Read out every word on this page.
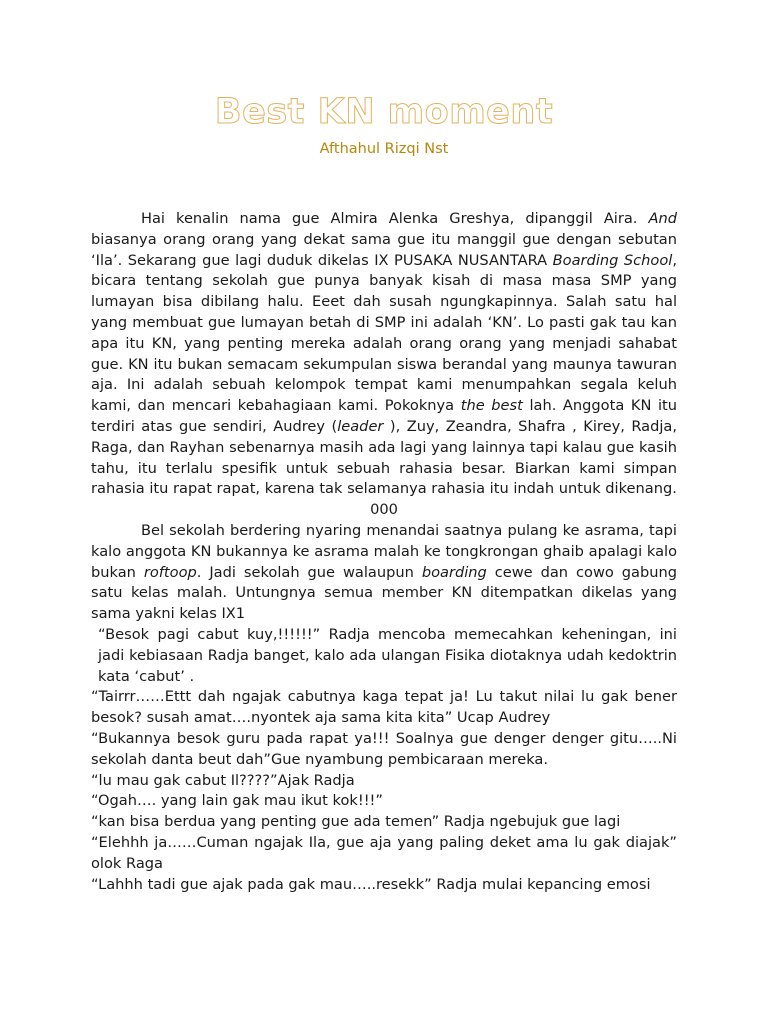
Best KN moment
Afthahul Rizqi Nst

Hai kenalin nama gue Almira Alenka Greshya, dipanggil Aira. And biasanya orang orang yang dekat sama gue itu manggil gue dengan sebutan ‘Ila’. Sekarang gue lagi duduk dikelas IX PUSAKA NUSANTARA Boarding School, bicara tentang sekolah gue punya banyak kisah di masa masa SMP yang lumayan bisa dibilang halu. Eeet dah susah ngungkapinnya. Salah satu hal yang membuat gue lumayan betah di SMP ini adalah ‘KN’. Lo pasti gak tau kan apa itu KN, yang penting mereka adalah orang orang yang menjadi sahabat gue. KN itu bukan semacam sekumpulan siswa berandal yang maunya tawuran aja. Ini adalah sebuah kelompok tempat kami menumpahkan segala keluh kami, dan mencari kebahagiaan kami. Pokoknya the best lah. Anggota KN itu terdiri atas gue sendiri, Audrey (leader ), Zuy, Zeandra, Shafra , Kirey, Radja, Raga, dan Rayhan sebenarnya masih ada lagi yang lainnya tapi kalau gue kasih tahu, itu terlalu spesifik untuk sebuah rahasia besar. Biarkan kami simpan rahasia itu rapat rapat, karena tak selamanya rahasia itu indah untuk dikenang.

000

Bel sekolah berdering nyaring menandai saatnya pulang ke asrama, tapi kalo anggota KN bukannya ke asrama malah ke tongkrongan ghaib apalagi kalo bukan roftoop. Jadi sekolah gue walaupun boarding cewe dan cowo gabung satu kelas malah. Untungnya semua member KN ditempatkan dikelas yang sama yakni kelas IX1

“Besok pagi cabut kuy,!!!!!!” Radja mencoba memecahkan keheningan, ini jadi kebiasaan Radja banget, kalo ada ulangan Fisika diotaknya udah kedoktrin kata ‘cabut’ .

“Tairrr……Ettt dah ngajak cabutnya kaga tepat ja! Lu takut nilai lu gak bener besok? susah amat….nyontek aja sama kita kita” Ucap Audrey

“Bukannya besok guru pada rapat ya!!! Soalnya gue denger denger gitu…..Ni sekolah danta beut dah”Gue nyambung pembicaraan mereka.

“lu mau gak cabut Il????”Ajak Radja

“Ogah…. yang lain gak mau ikut kok!!!”

“kan bisa berdua yang penting gue ada temen” Radja ngebujuk gue lagi

“Elehhh ja……Cuman ngajak Ila, gue aja yang paling deket ama lu gak diajak” olok Raga

“Lahhh tadi gue ajak pada gak mau…..resekk” Radja mulai kepancing emosi
